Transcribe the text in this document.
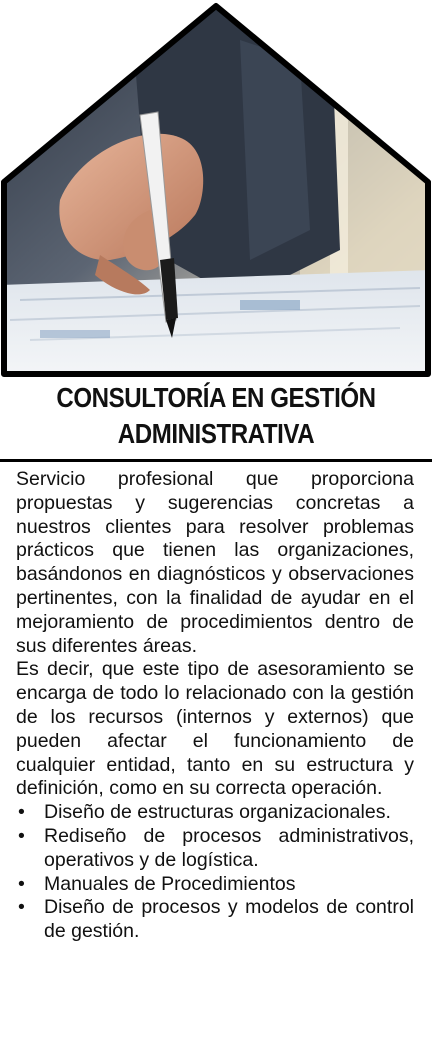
CONSULTORÍA EN GESTIÓN
ADMINISTRATIVA

Servicio profesional que proporciona propuestas y sugerencias concretas a nuestros clientes para resolver problemas prácticos que tienen las organizaciones, basándonos en diagnósticos y observaciones pertinentes, con la finalidad de ayudar en el mejoramiento de procedimientos dentro de sus diferentes áreas.

Es decir, que este tipo de asesoramiento se encarga de todo lo relacionado con la gestión de los recursos (internos y externos) que pueden afectar el funcionamiento de cualquier entidad, tanto en su estructura y definición, como en su correcta operación.

• Diseño de estructuras organizacionales.
• Rediseño de procesos administrativos, operativos y de logística.
• Manuales de Procedimientos
• Diseño de procesos y modelos de control de gestión.
